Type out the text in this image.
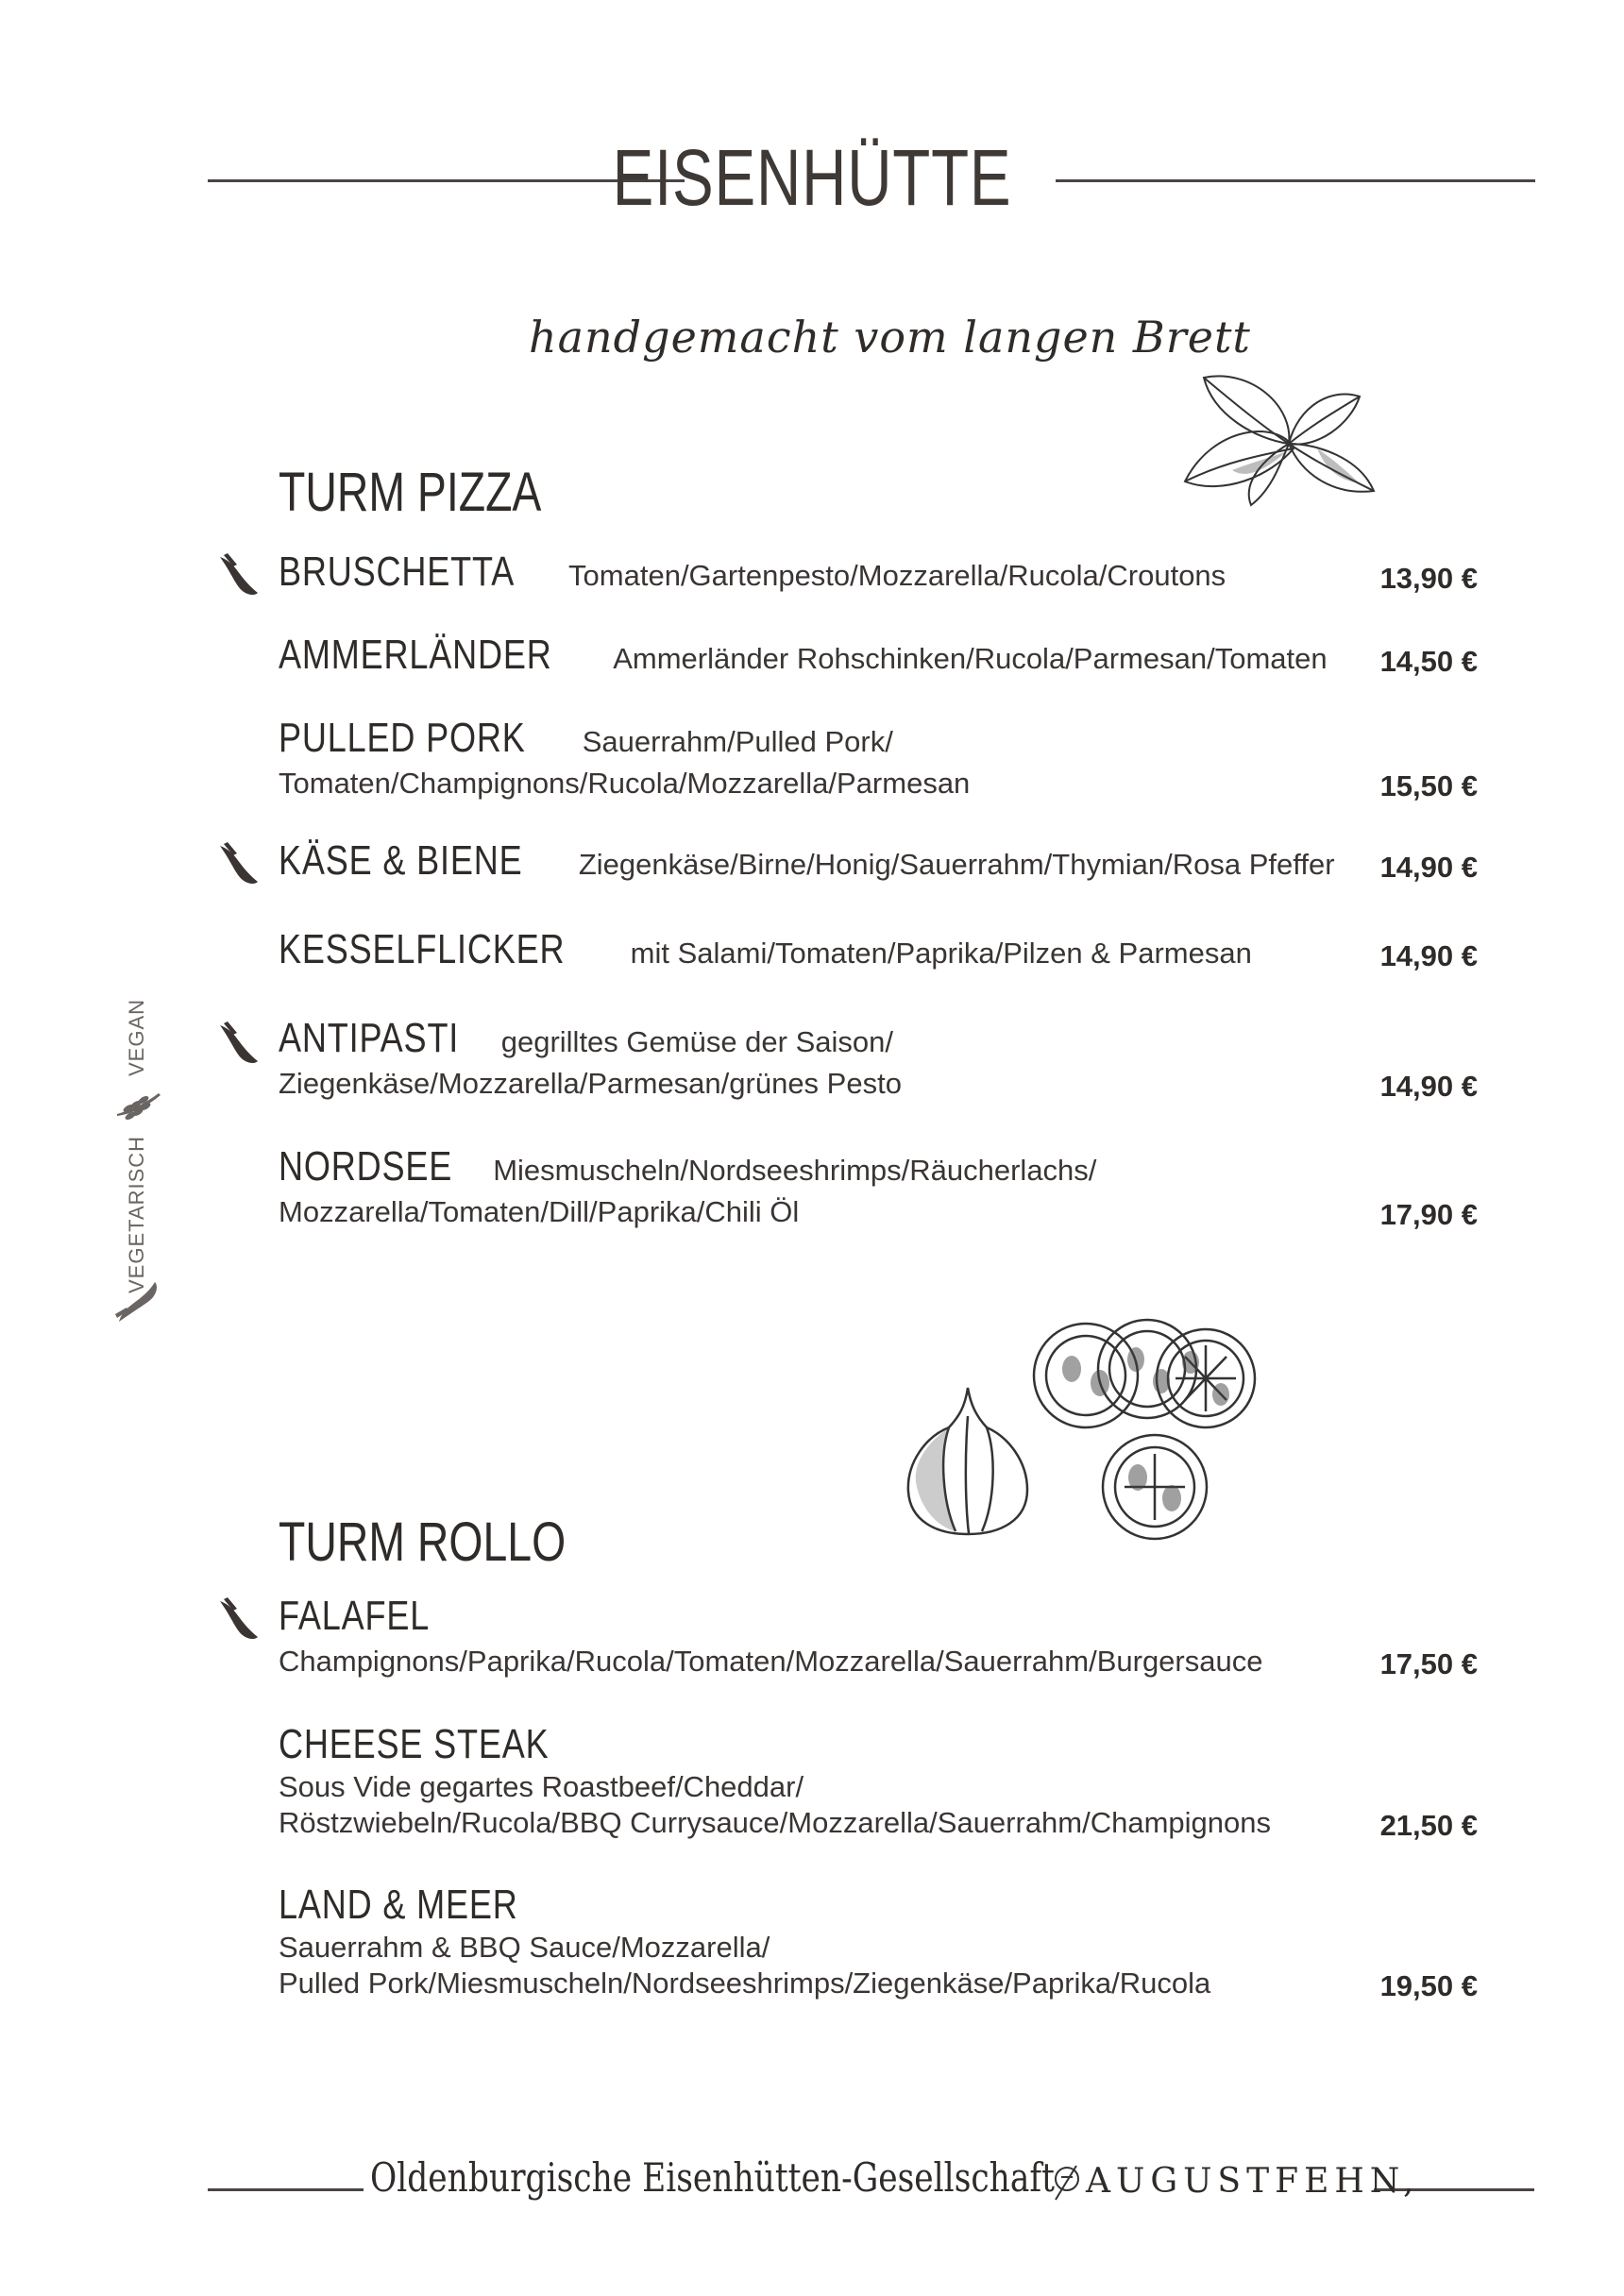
EISENHÜTTE
handgemacht vom langen Brett
TURM PIZZA
BRUSCHETTA Tomaten/Gartenpesto/Mozzarella/Rucola/Croutons	13,90 €
AMMERLÄNDER Ammerländer Rohschinken/Rucola/Parmesan/Tomaten	14,50 €
PULLED PORK Sauerrahm/Pulled Pork/
Tomaten/Champignons/Rucola/Mozzarella/Parmesan	15,50 €
KÄSE & BIENE Ziegenkäse/Birne/Honig/Sauerrahm/Thymian/Rosa Pfeffer	14,90 €
KESSELFLICKER mit Salami/Tomaten/Paprika/Pilzen & Parmesan	14,90 €
ANTIPASTI gegrilltes Gemüse der Saison/
Ziegenkäse/Mozzarella/Parmesan/grünes Pesto	14,90 €
NORDSEE Miesmuscheln/Nordseeshrimps/Räucherlachs/
Mozzarella/Tomaten/Dill/Paprika/Chili Öl	17,90 €
VEGETARISCH
VEGAN
TURM ROLLO
FALAFEL
Champignons/Paprika/Rucola/Tomaten/Mozzarella/Sauerrahm/Burgersauce	17,50 €
CHEESE STEAK
Sous Vide gegartes Roastbeef/Cheddar/
Röstzwiebeln/Rucola/BBQ Currysauce/Mozzarella/Sauerrahm/Champignons	21,50 €
LAND & MEER
Sauerrahm & BBQ Sauce/Mozzarella/
Pulled Pork/Miesmuscheln/Nordseeshrimps/Ziegenkäse/Paprika/Rucola	19,50 €
Oldenburgische Eisenhütten-Gesellschaft AUGUSTFEHN,
